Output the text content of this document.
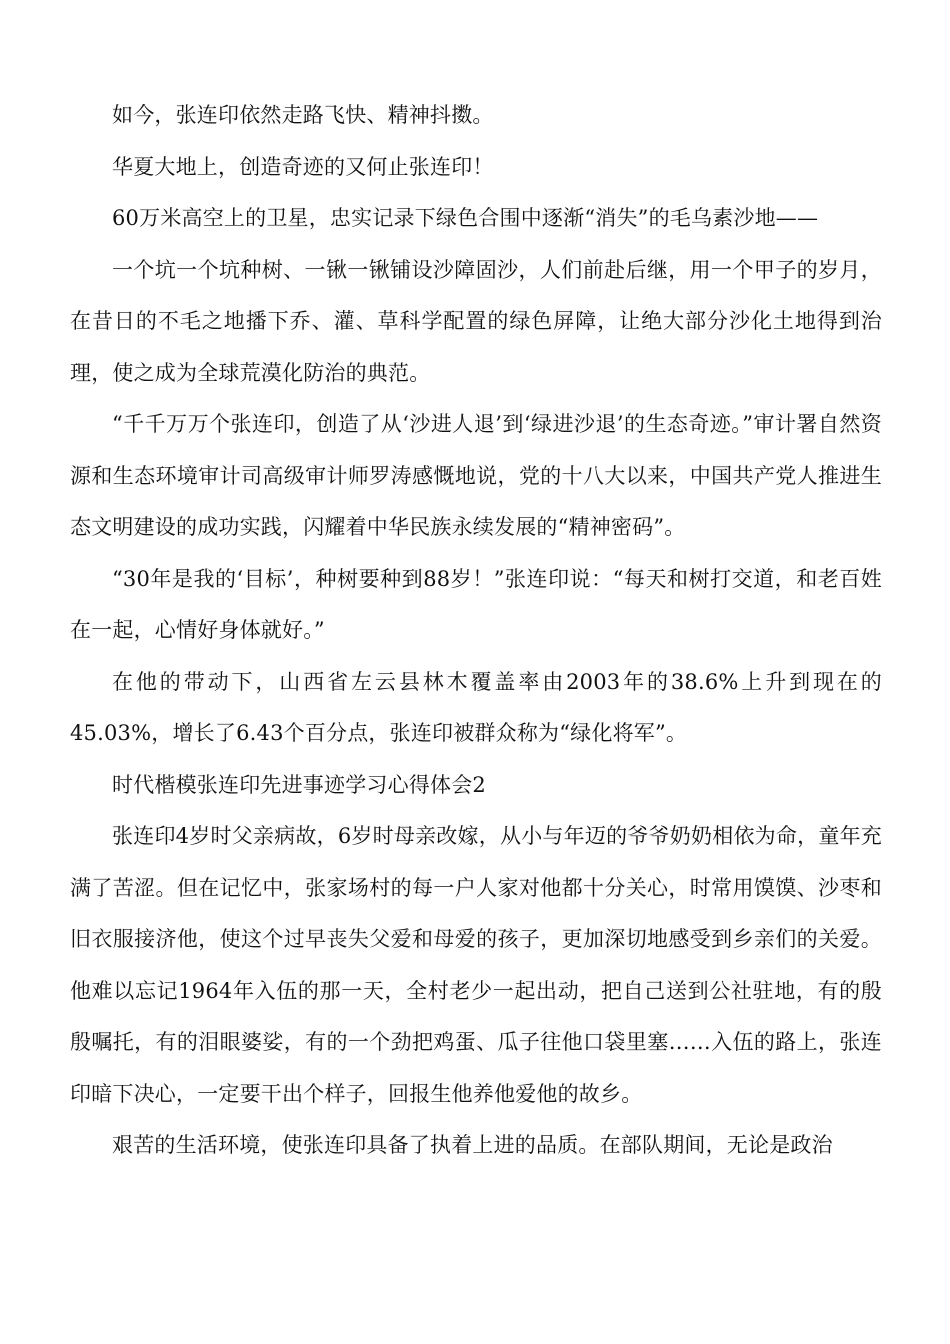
如今，张连印依然走路飞快、精神抖擞。

华夏大地上，创造奇迹的又何止张连印！

60万米高空上的卫星，忠实记录下绿色合围中逐渐“消失”的毛乌素沙地——

一个坑一个坑种树、一锹一锹铺设沙障固沙，人们前赴后继，用一个甲子的岁月，在昔日的不毛之地播下乔、灌、草科学配置的绿色屏障，让绝大部分沙化土地得到治理，使之成为全球荒漠化防治的典范。

“千千万万个张连印，创造了从‘沙进人退’到‘绿进沙退’的生态奇迹。”审计署自然资源和生态环境审计司高级审计师罗涛感慨地说，党的十八大以来，中国共产党人推进生态文明建设的成功实践，闪耀着中华民族永续发展的“精神密码”。

“30年是我的‘目标’，种树要种到88岁！”张连印说：“每天和树打交道，和老百姓在一起，心情好身体就好。”

在他的带动下，山西省左云县林木覆盖率由2003年的38.6%上升到现在的45.03%，增长了6.43个百分点，张连印被群众称为“绿化将军”。

时代楷模张连印先进事迹学习心得体会2

张连印4岁时父亲病故，6岁时母亲改嫁，从小与年迈的爷爷奶奶相依为命，童年充满了苦涩。但在记忆中，张家场村的每一户人家对他都十分关心，时常用馍馍、沙枣和旧衣服接济他，使这个过早丧失父爱和母爱的孩子，更加深切地感受到乡亲们的关爱。他难以忘记1964年入伍的那一天，全村老少一起出动，把自己送到公社驻地，有的殷殷嘱托，有的泪眼婆娑，有的一个劲把鸡蛋、瓜子往他口袋里塞……入伍的路上，张连印暗下决心，一定要干出个样子，回报生他养他爱他的故乡。

艰苦的生活环境，使张连印具备了执着上进的品质。在部队期间，无论是政治
